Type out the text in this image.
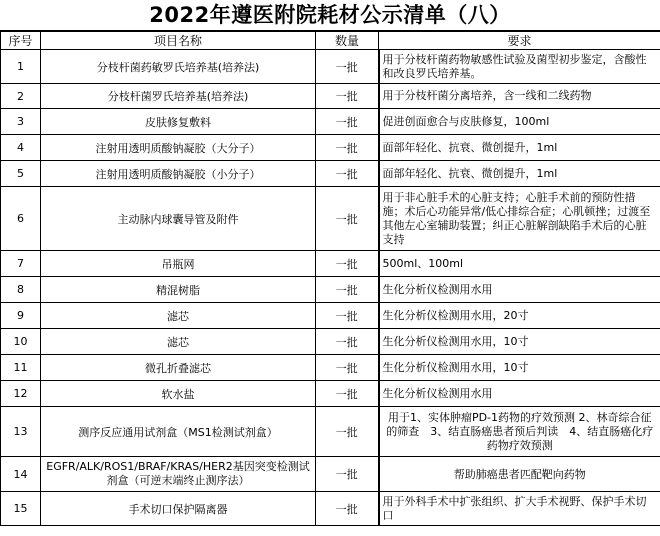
2022年遵医附院耗材公示清单（八）
序号	项目名称	数量	要求
1	分枝杆菌药敏罗氏培养基(培养法)	一批	用于分枝杆菌药物敏感性试验及菌型初步鉴定，含酸性和改良罗氏培养基。
2	分枝杆菌罗氏培养基(培养法)	一批	用于分枝杆菌分离培养，含一线和二线药物
3	皮肤修复敷料	一批	促进创面愈合与皮肤修复，100ml
4	注射用透明质酸钠凝胶（大分子）	一批	面部年轻化、抗衰、微创提升，1ml
5	注射用透明质酸钠凝胶（小分子）	一批	面部年轻化、抗衰、微创提升，1ml
6	主动脉内球囊导管及附件	一批	用于非心脏手术的心脏支持；心脏手术前的预防性措施；术后心功能异常/低心排综合症；心肌顿挫；过渡至其他左心室辅助装置；纠正心脏解剖缺陷手术后的心脏支持
7	吊瓶网	一批	500ml、100ml
8	精混树脂	一批	生化分析仪检测用水用
9	滤芯	一批	生化分析仪检测用水用，20寸
10	滤芯	一批	生化分析仪检测用水用，10寸
11	微孔折叠滤芯	一批	生化分析仪检测用水用，10寸
12	软水盐	一批	生化分析仪检测用水用
13	测序反应通用试剂盒（MS1检测试剂盒）	一批	用于1、实体肿瘤PD-1药物的疗效预测 2、林奇综合征的筛查　3、结直肠癌患者预后判读　4、结直肠癌化疗药物疗效预测
14	EGFR/ALK/ROS1/BRAF/KRAS/HER2基因突变检测试剂盒（可逆末端终止测序法）	一批	帮助肺癌患者匹配靶向药物
15	手术切口保护隔离器	一批	用于外科手术中扩张组织、扩大手术视野、保护手术切口
